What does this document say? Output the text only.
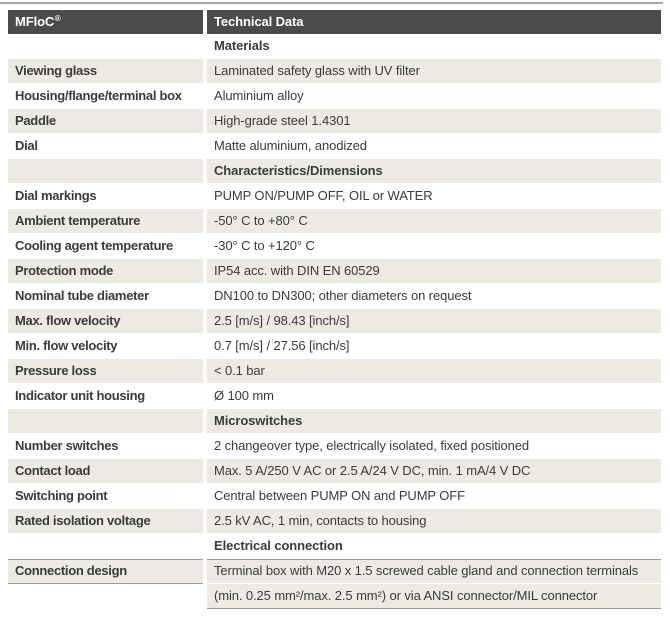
MFloC®	Technical Data
Materials
Viewing glass	Laminated safety glass with UV filter
Housing/flange/terminal box	Aluminium alloy
Paddle	High-grade steel 1.4301
Dial	Matte aluminium, anodized
Characteristics/Dimensions
Dial markings	PUMP ON/PUMP OFF, OIL or WATER
Ambient temperature	-50° C to +80° C
Cooling agent temperature	-30° C to +120° C
Protection mode	IP54 acc. with DIN EN 60529
Nominal tube diameter	DN100 to DN300; other diameters on request
Max. flow velocity	2.5 [m/s] / 98.43 [inch/s]
Min. flow velocity	0.7 [m/s] / 27.56 [inch/s]
Pressure loss	< 0.1 bar
Indicator unit housing	Ø 100 mm
Microswitches
Number switches	2 changeover type, electrically isolated, fixed positioned
Contact load	Max. 5 A/250 V AC or 2.5 A/24 V DC, min. 1 mA/4 V DC
Switching point	Central between PUMP ON and PUMP OFF
Rated isolation voltage	2.5 kV AC, 1 min, contacts to housing
Electrical connection
Connection design	Terminal box with M20 x 1.5 screwed cable gland and connection terminals
(min. 0.25 mm²/max. 2.5 mm²) or via ANSI connector/MIL connector
